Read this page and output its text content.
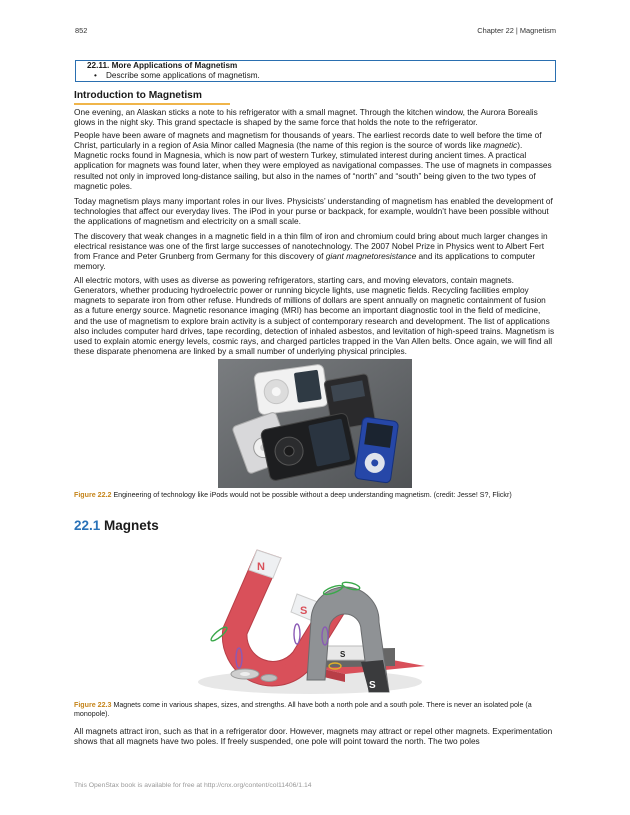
852	Chapter 22 | Magnetism
22.11. More Applications of Magnetism
• Describe some applications of magnetism.
Introduction to Magnetism

One evening, an Alaskan sticks a note to his refrigerator with a small magnet. Through the kitchen window, the Aurora Borealis glows in the night sky. This grand spectacle is shaped by the same force that holds the note to the refrigerator.

People have been aware of magnets and magnetism for thousands of years. The earliest records date to well before the time of Christ, particularly in a region of Asia Minor called Magnesia (the name of this region is the source of words like magnetic). Magnetic rocks found in Magnesia, which is now part of western Turkey, stimulated interest during ancient times. A practical application for magnets was found later, when they were employed as navigational compasses. The use of magnets in compasses resulted not only in improved long-distance sailing, but also in the names of “north” and “south” being given to the two types of magnetic poles.

Today magnetism plays many important roles in our lives. Physicists’ understanding of magnetism has enabled the development of technologies that affect our everyday lives. The iPod in your purse or backpack, for example, wouldn’t have been possible without the applications of magnetism and electricity on a small scale.

The discovery that weak changes in a magnetic field in a thin film of iron and chromium could bring about much larger changes in electrical resistance was one of the first large successes of nanotechnology. The 2007 Nobel Prize in Physics went to Albert Fert from France and Peter Grunberg from Germany for this discovery of giant magnetoresistance and its applications to computer memory.

All electric motors, with uses as diverse as powering refrigerators, starting cars, and moving elevators, contain magnets. Generators, whether producing hydroelectric power or running bicycle lights, use magnetic fields. Recycling facilities employ magnets to separate iron from other refuse. Hundreds of millions of dollars are spent annually on magnetic containment of fusion as a future energy source. Magnetic resonance imaging (MRI) has become an important diagnostic tool in the field of medicine, and the use of magnetism to explore brain activity is a subject of contemporary research and development. The list of applications also includes computer hard drives, tape recording, detection of inhaled asbestos, and levitation of high-speed trains. Magnetism is used to explain atomic energy levels, cosmic rays, and charged particles trapped in the Van Allen belts. Once again, we will find all these disparate phenomena are linked by a small number of underlying physical principles.

Figure 22.2 Engineering of technology like iPods would not be possible without a deep understanding magnetism. (credit: Jesse! S?, Flickr)
22.1 Magnets
S
N
S
S
Figure 22.3 Magnets come in various shapes, sizes, and strengths. All have both a north pole and a south pole. There is never an isolated pole (a monopole).

All magnets attract iron, such as that in a refrigerator door. However, magnets may attract or repel other magnets. Experimentation shows that all magnets have two poles. If freely suspended, one pole will point toward the north. The two poles

This OpenStax book is available for free at http://cnx.org/content/col11406/1.14
